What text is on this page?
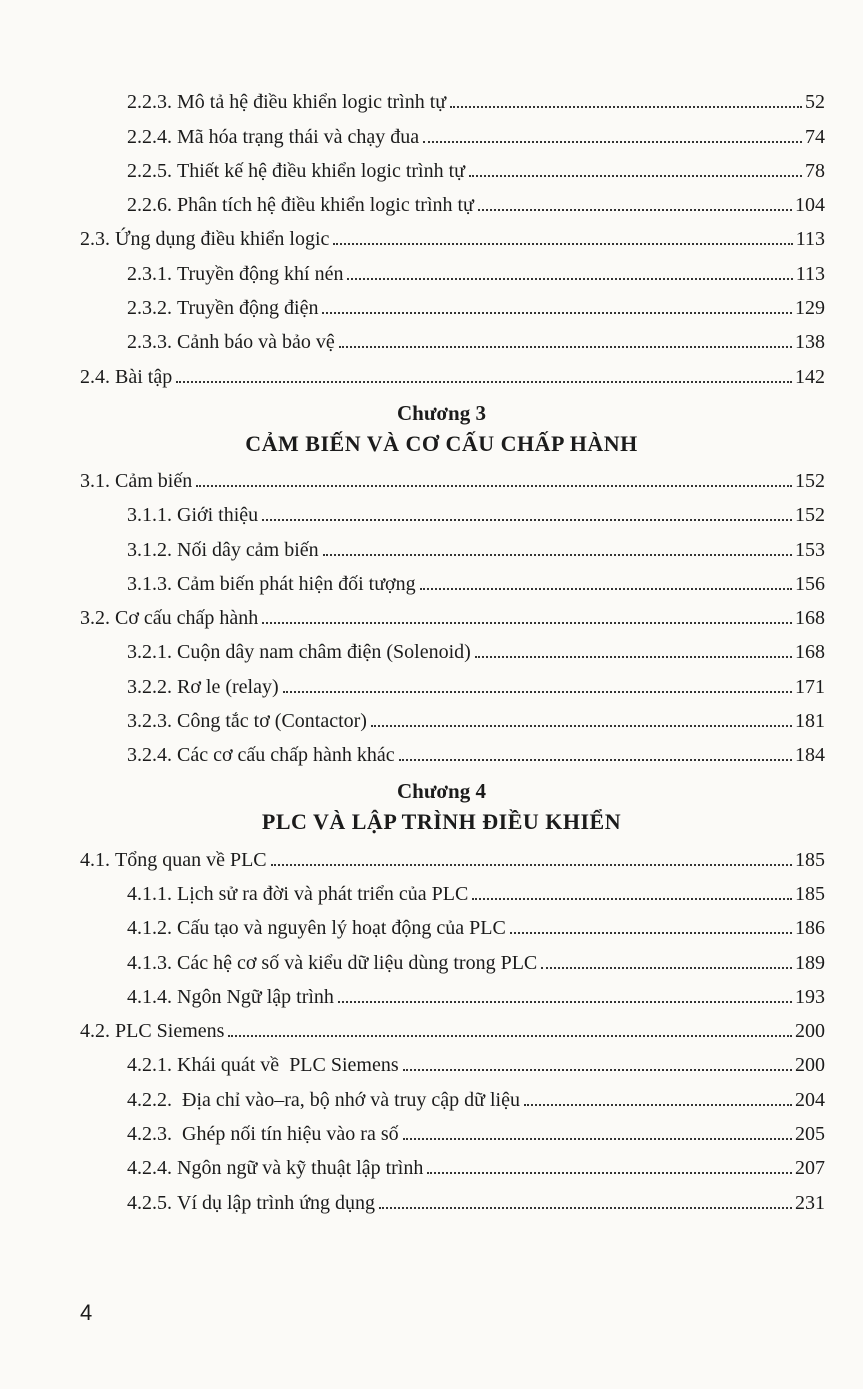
2.2.3.
Mô tả hệ điều khiển logic trình tự	52
2.2.4.
Mã hóa trạng thái và chạy đua	74
2.2.5.
Thiết kế hệ điều khiển logic trình tự	78
2.2.6.
Phân tích hệ điều khiển logic trình tự	104
2.3.
Ứng dụng điều khiển logic	113
2.3.1.
Truyền động khí nén	113
2.3.2.
Truyền động điện	129
2.3.3.
Cảnh báo và bảo vệ	138
2.4.
Bài tập	142
Chương 3
CẢM BIẾN VÀ CƠ CẤU CHẤP HÀNH
3.1.
Cảm biến	152
3.1.1.
Giới thiệu	152
3.1.2.
Nối dây cảm biến	153
3.1.3.
Cảm biến phát hiện đối tượng	156
3.2.
Cơ cấu chấp hành	168
3.2.1.
Cuộn dây nam châm điện (Solenoid)	168
3.2.2.
Rơ le (relay)	171
3.2.3.
Công tắc tơ (Contactor)	181
3.2.4.
Các cơ cấu chấp hành khác	184
Chương 4
PLC VÀ LẬP TRÌNH ĐIỀU KHIỂN
4.1.
Tổng quan về PLC	185
4.1.1.
Lịch sử ra đời và phát triển của PLC	185
4.1.2.
Cấu tạo và nguyên lý hoạt động của PLC	186
4.1.3.
Các hệ cơ số và kiểu dữ liệu dùng trong PLC	189
4.1.4.
Ngôn Ngữ lập trình	193
4.2.
PLC Siemens	200
4.2.1.
Khái quát về  PLC Siemens	200
4.2.2.
Địa chỉ vào–ra, bộ nhớ và truy cập dữ liệu	204
4.2.3.
Ghép nối tín hiệu vào ra số	205
4.2.4.
Ngôn ngữ và kỹ thuật lập trình	207
4.2.5.
Ví dụ lập trình ứng dụng	231
4
